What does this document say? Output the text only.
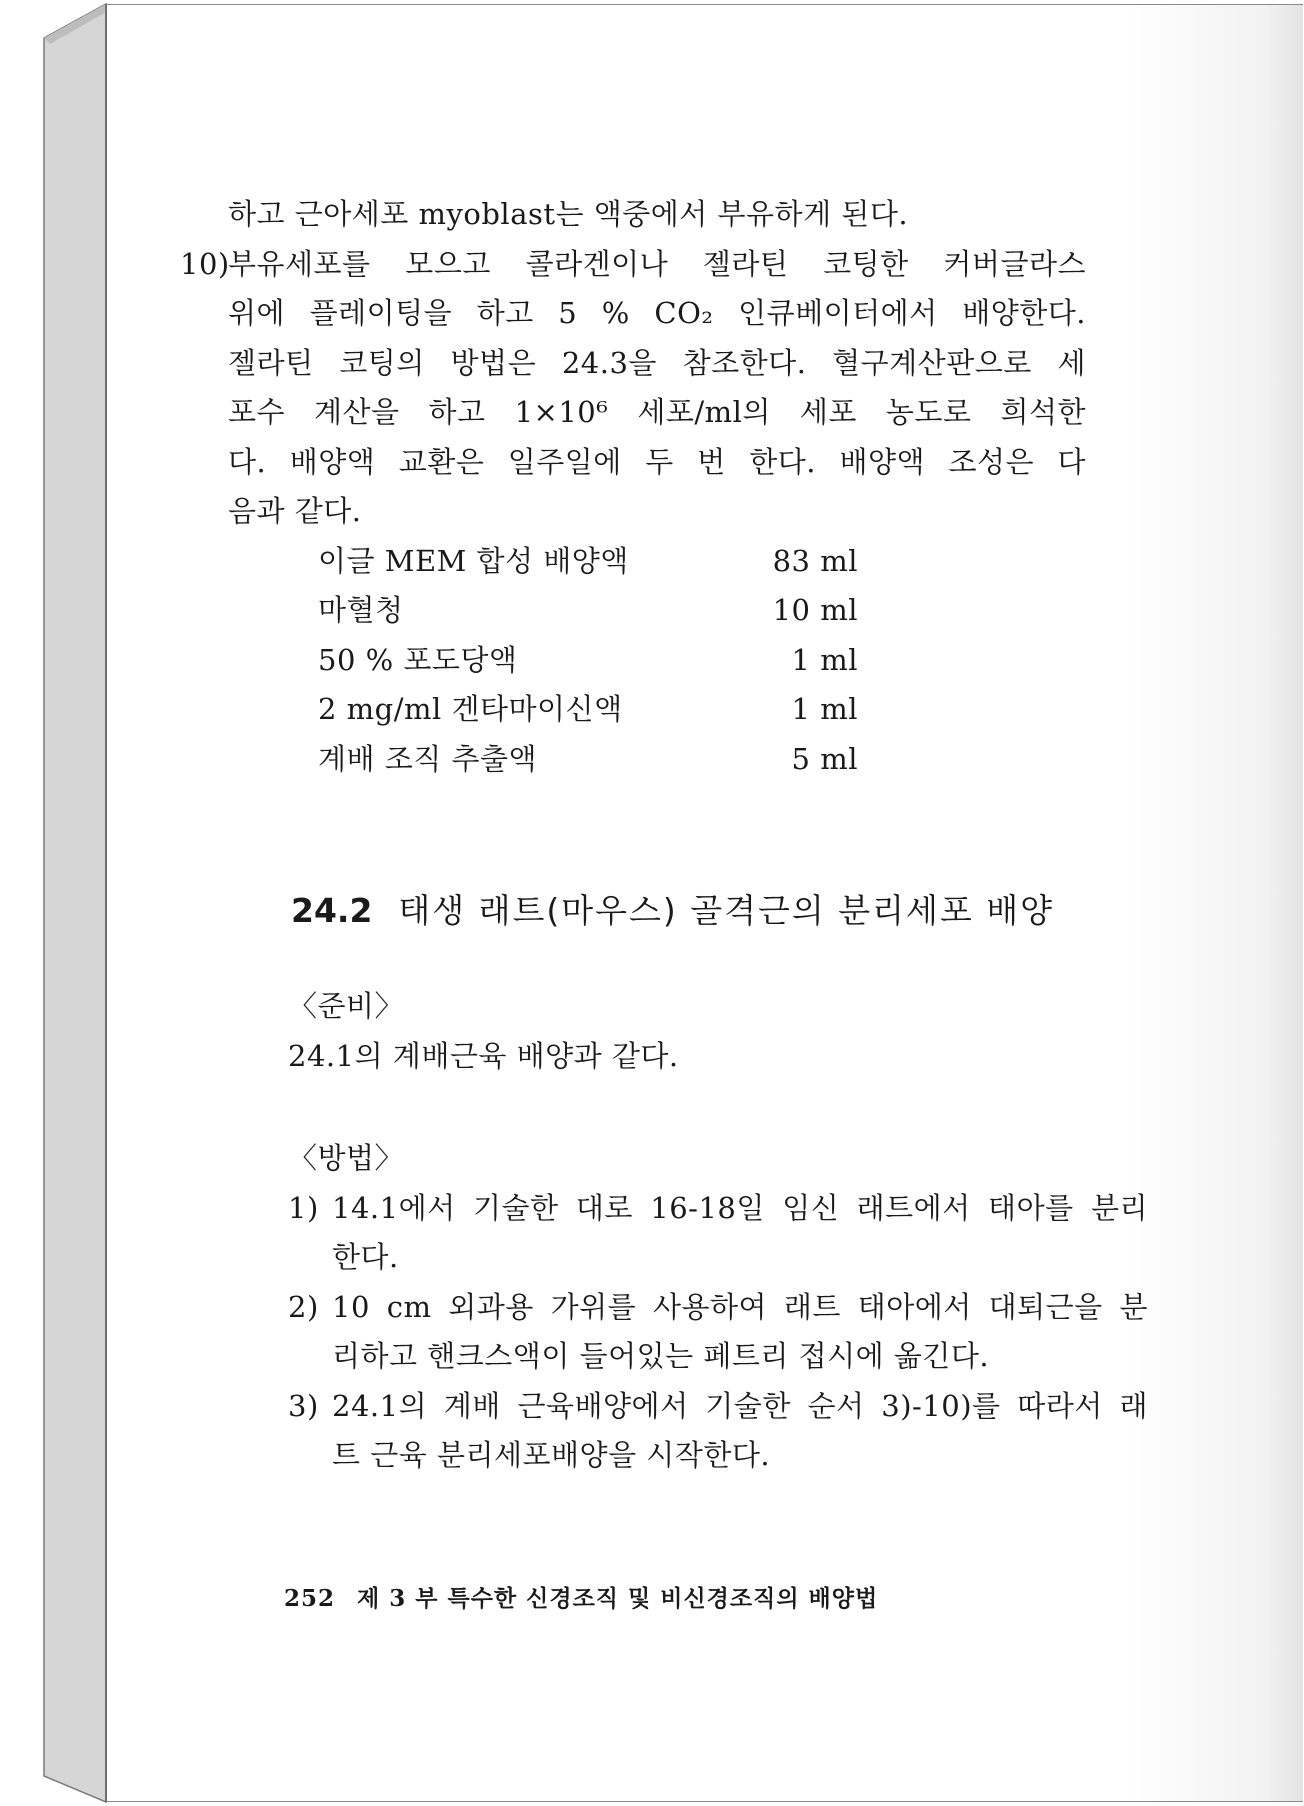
하고 근아세포 myoblast는 액중에서 부유하게 된다.
10)
부유세포를 모으고 콜라겐이나 젤라틴 코팅한 커버글라스
위에 플레이팅을 하고 5 % CO₂ 인큐베이터에서 배양한다.
젤라틴 코팅의 방법은 24.3을 참조한다. 혈구계산판으로 세
포수 계산을 하고 1×10⁶ 세포/ml의 세포 농도로 희석한
다. 배양액 교환은 일주일에 두 번 한다. 배양액 조성은 다
음과 같다.
이글 MEM 합성 배양액	83 ml
마혈청	10 ml
50 % 포도당액	1 ml
2 mg/ml 겐타마이신액	1 ml
계배 조직 추출액	5 ml
24.2 태생 래트(마우스) 골격근의 분리세포 배양
〈준비〉
24.1의 계배근육 배양과 같다.
〈방법〉
1) 14.1에서 기술한 대로 16-18일 임신 래트에서 태아를 분리
한다.
2) 10 cm 외과용 가위를 사용하여 래트 태아에서 대퇴근을 분
리하고 핸크스액이 들어있는 페트리 접시에 옮긴다.
3) 24.1의 계배 근육배양에서 기술한 순서 3)-10)를 따라서 래
트 근육 분리세포배양을 시작한다.
252 제 3 부 특수한 신경조직 및 비신경조직의 배양법
